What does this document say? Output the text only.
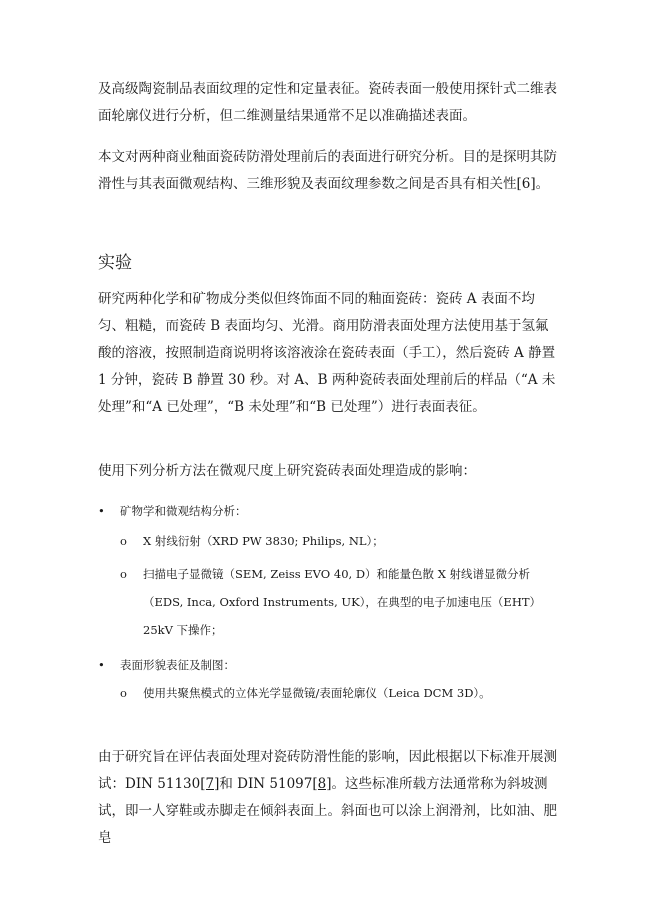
及高级陶瓷制品表面纹理的定性和定量表征。瓷砖表面一般使用探针式二维表面轮廓仪进行分析，但二维测量结果通常不足以准确描述表面。

本文对两种商业釉面瓷砖防滑处理前后的表面进行研究分析。目的是探明其防滑性与其表面微观结构、三维形貌及表面纹理参数之间是否具有相关性[6]。

实验

研究两种化学和矿物成分类似但终饰面不同的釉面瓷砖：瓷砖 A 表面不均匀、粗糙，而瓷砖 B 表面均匀、光滑。商用防滑表面处理方法使用基于氢氟酸的溶液，按照制造商说明将该溶液涂在瓷砖表面（手工），然后瓷砖 A 静置 1 分钟，瓷砖 B 静置 30 秒。对 A、B 两种瓷砖表面处理前后的样品（“A 未处理”和“A 已处理”，“B 未处理”和“B 已处理”）进行表面表征。

使用下列分析方法在微观尺度上研究瓷砖表面处理造成的影响：

• 矿物学和微观结构分析：
o X 射线衍射（XRD PW 3830; Philips, NL）；
o 扫描电子显微镜（SEM, Zeiss EVO 40, D）和能量色散 X 射线谱显微分析（EDS, Inca, Oxford Instruments, UK），在典型的电子加速电压（EHT）25kV 下操作；
• 表面形貌表征及制图：
o 使用共聚焦模式的立体光学显微镜/表面轮廓仪（Leica DCM 3D）。

由于研究旨在评估表面处理对瓷砖防滑性能的影响，因此根据以下标准开展测试：DIN 51130[7]和 DIN 51097[8]。这些标准所载方法通常称为斜坡测试，即一人穿鞋或赤脚走在倾斜表面上。斜面也可以涂上润滑剂，比如油、肥皂
